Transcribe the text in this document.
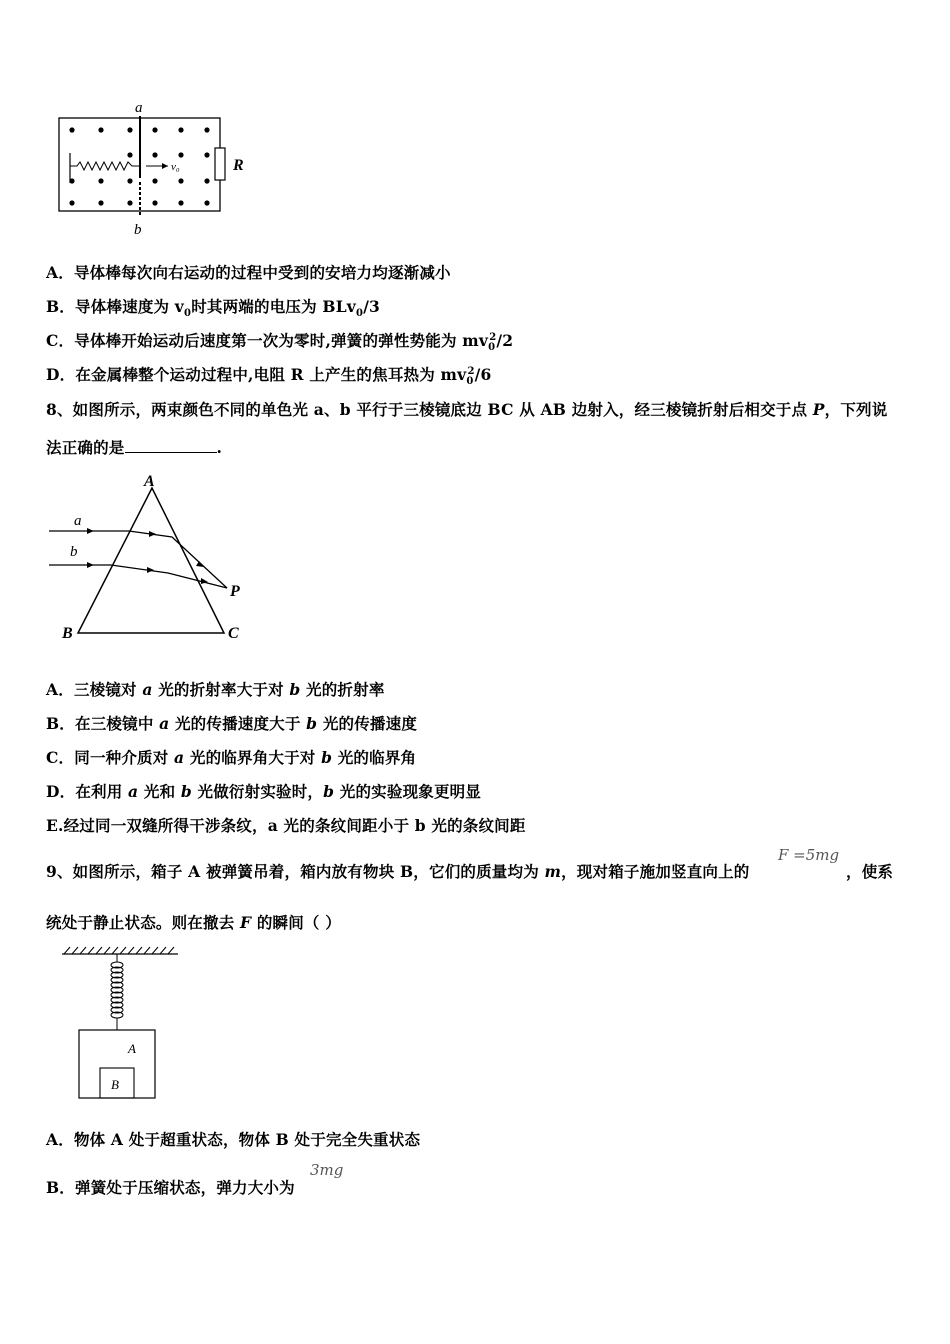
v₀
a
b
R
A．导体棒每次向右运动的过程中受到的安培力均逐渐减小
B．导体棒速度为 $v_0$时其两端的电压为 BLv$_0$/3
C．导体棒开始运动后速度第一次为零时,弹簧的弹性势能为 $mv_0^2/2$
D．在金属棒整个运动过程中,电阻 R 上产生的焦耳热为 $mv_0^2/6$
8、如图所示，两束颜色不同的单色光 a、b 平行于三棱镜底边 BC 从 AB 边射入，经三棱镜折射后相交于点 P，下列说
法正确的是	.
A
B	C
P
a
b
A．三棱镜对 a 光的折射率大于对 b 光的折射率
B．在三棱镜中 a 光的传播速度大于 b 光的传播速度
C．同一种介质对 a 光的临界角大于对 b 光的临界角
D．在利用 a 光和 b 光做衍射实验时，b 光的实验现象更明显
E.经过同一双缝所得干涉条纹，a 光的条纹间距小于 b 光的条纹间距
9、如图所示，箱子 A 被弹簧吊着，箱内放有物块 B，它们的质量均为 m，现对箱子施加竖直向上的
F =5mg
，使系
统处于静止状态。则在撤去 F 的瞬间（ ）
A
B
A．物体 A 处于超重状态，物体 B 处于完全失重状态
B．弹簧处于压缩状态，弹力大小为
3mg
